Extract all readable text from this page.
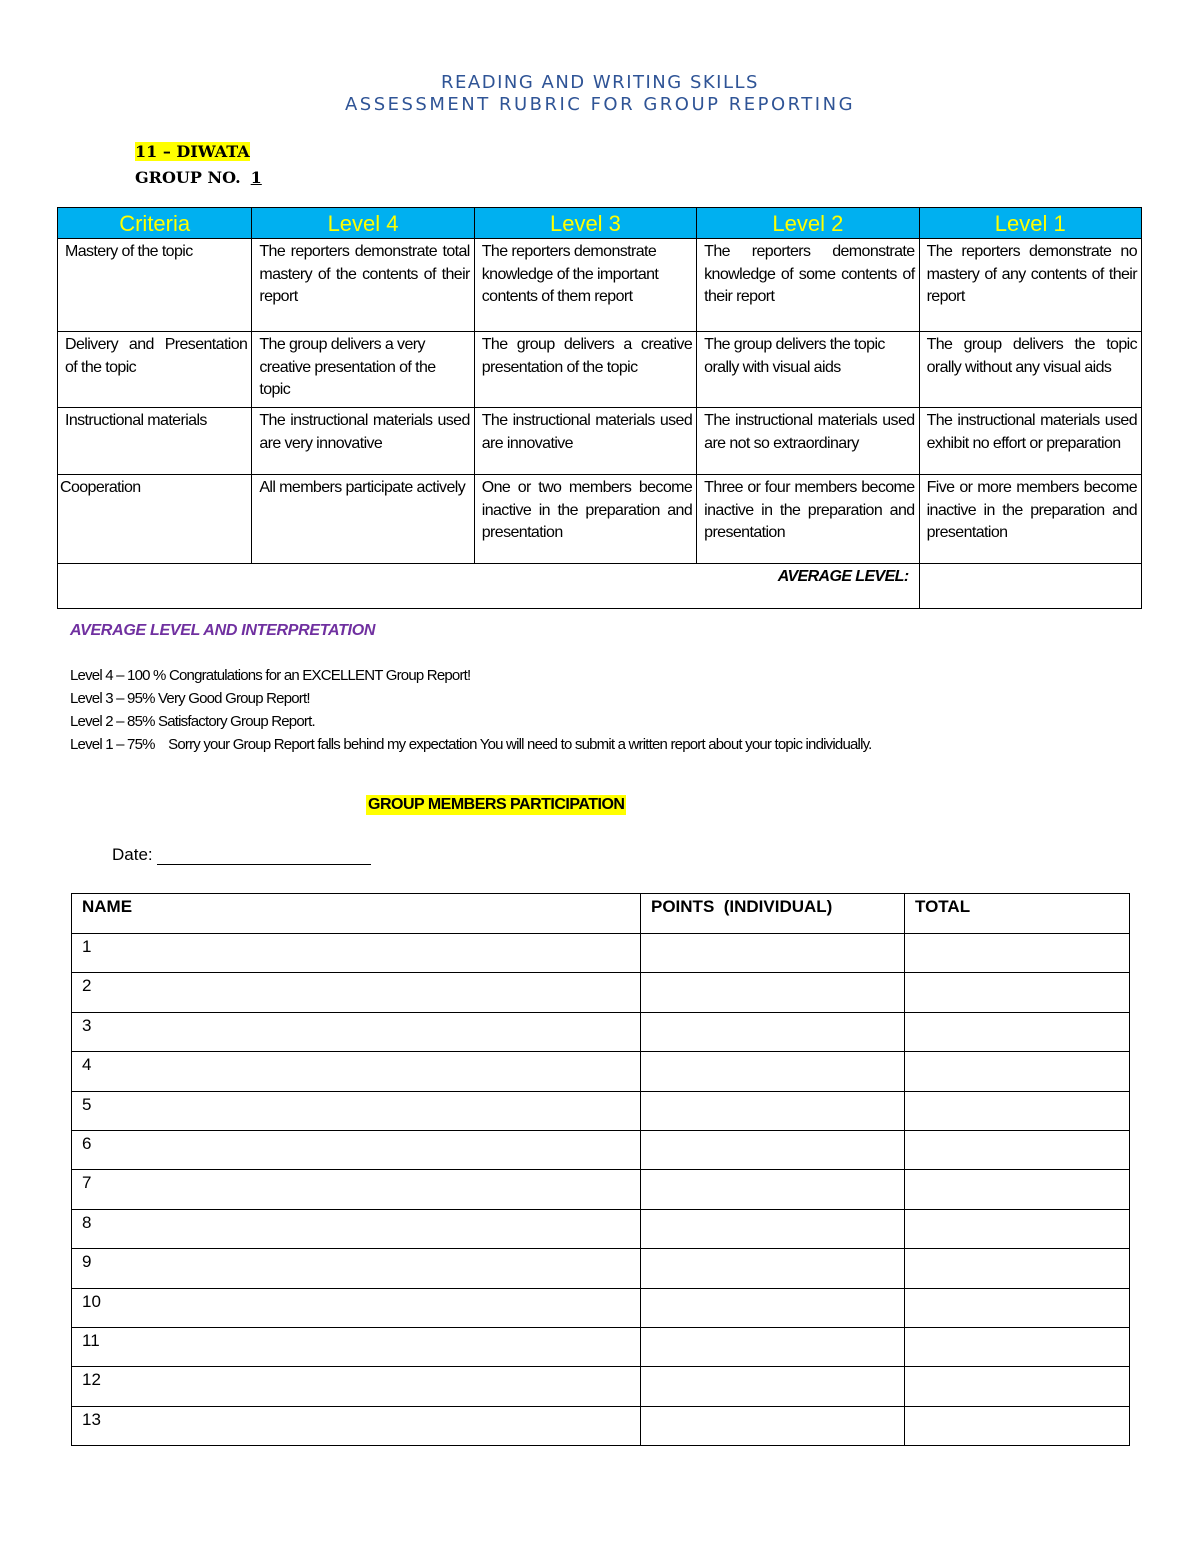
READING AND WRITING SKILLS
ASSESSMENT RUBRIC FOR GROUP REPORTING
11 – DIWATA
GROUP NO. 1
Criteria	Level 4	Level 3	Level 2	Level 1
Mastery of the topic	The reporters demonstrate total mastery of the contents of their report	The reporters demonstrate knowledge of the important contents of them report	The reporters demonstrate knowledge of some contents of their report	The reporters demonstrate no mastery of any contents of their report
Delivery and Presentation of the topic	The group delivers a very creative presentation of the topic	The group delivers a creative presentation of the topic	The group delivers the topic orally with visual aids	The group delivers the topic orally without any visual aids
Instructional materials	The instructional materials used are very innovative	The instructional materials used are innovative	The instructional materials used are not so extraordinary	The instructional materials used exhibit no effort or preparation
Cooperation	All members participate actively	One or two members become inactive in the preparation and presentation	Three or four members become inactive in the preparation and presentation	Five or more members become inactive in the preparation and presentation
AVERAGE LEVEL:				
AVERAGE LEVEL AND INTERPRETATION
Level 4 – 100 % Congratulations for an EXCELLENT Group Report!
Level 3 – 95% Very Good Group Report!
Level 2 – 85% Satisfactory Group Report.
Level 1 – 75%    Sorry your Group Report falls behind my expectation You will need to submit a written report about your topic individually.
GROUP MEMBERS PARTICIPATION
Date:
NAME	POINTS  (INDIVIDUAL)	TOTAL
1		
2		
3		
4		
5		
6		
7		
8		
9		
10		
11		
12		
13		
